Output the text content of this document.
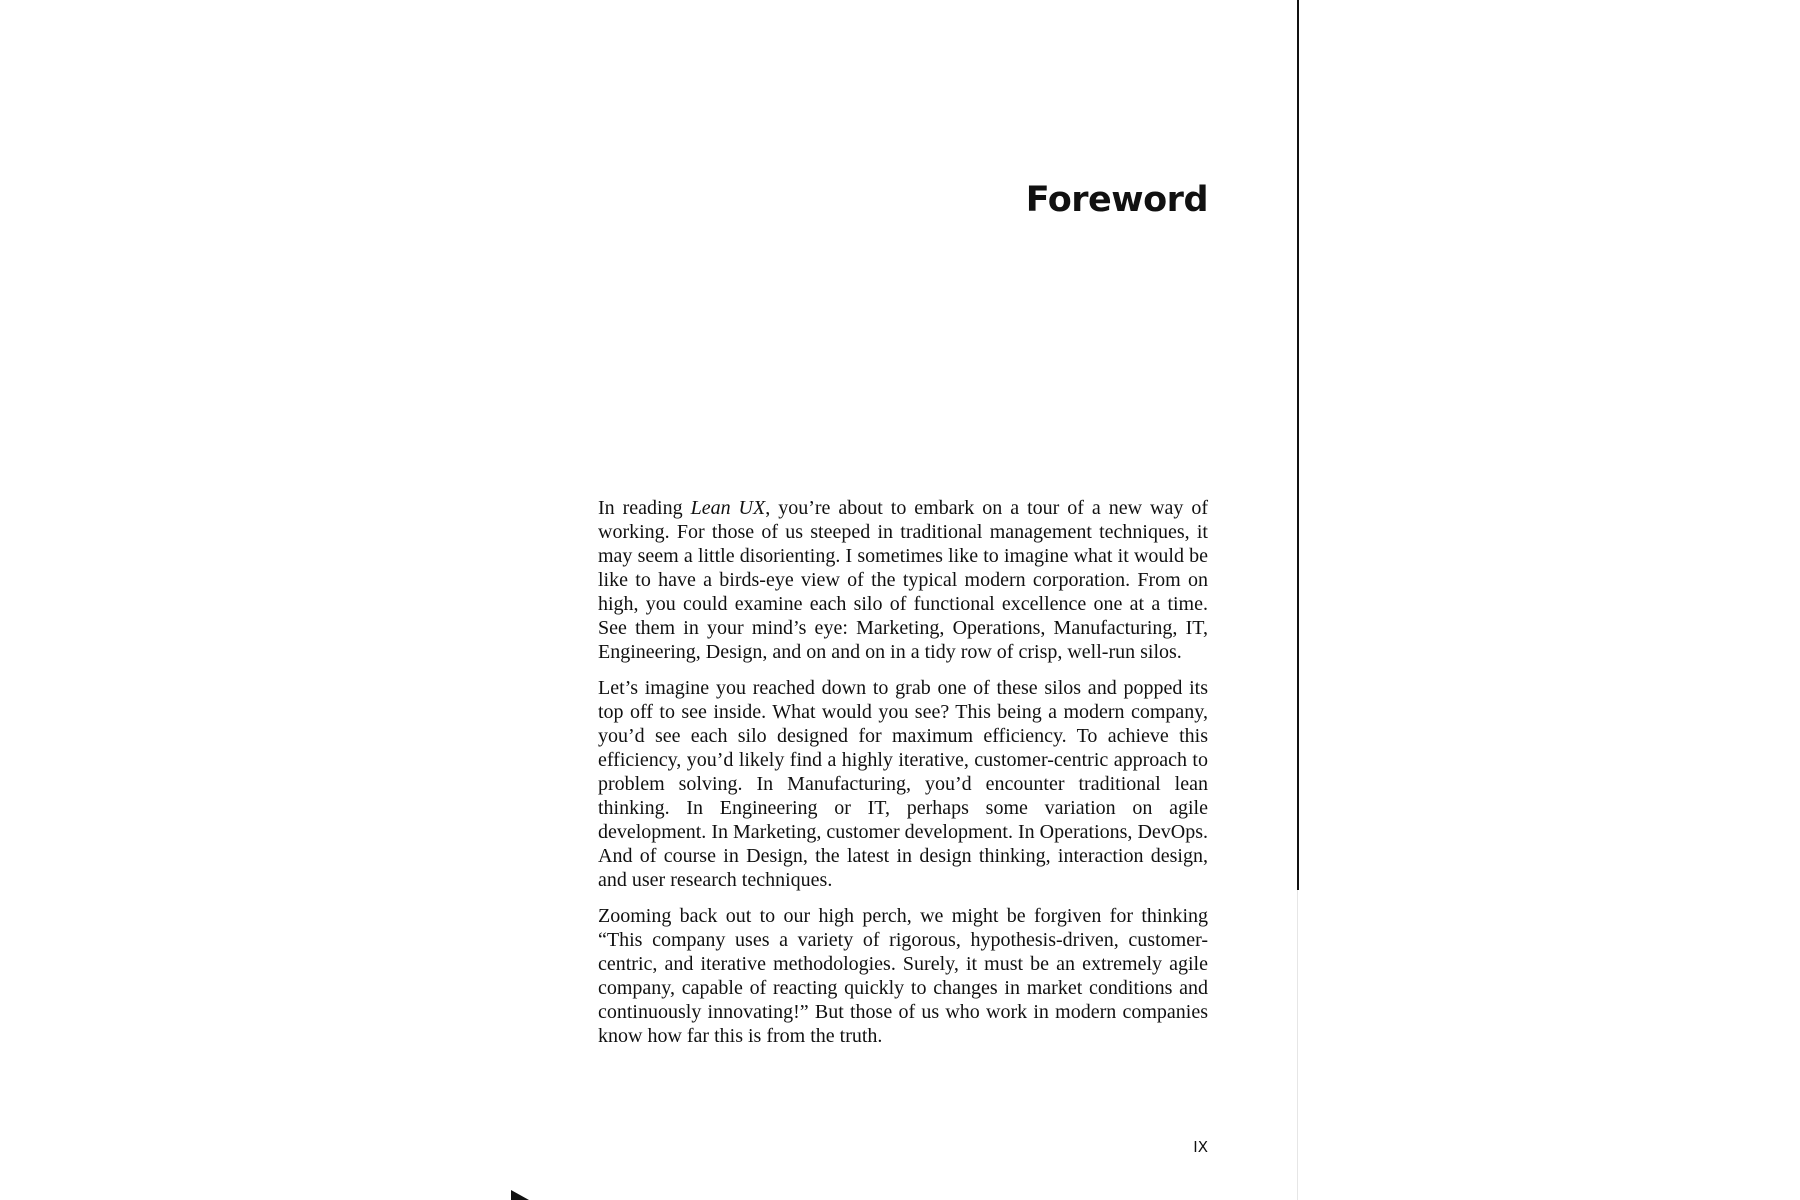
Foreword

In reading Lean UX, you’re about to embark on a tour of a new way of working. For those of us steeped in traditional management techniques, it may seem a little disorienting. I sometimes like to imagine what it would be like to have a birds-eye view of the typical modern corporation. From on high, you could examine each silo of functional excellence one at a time. See them in your mind’s eye: Marketing, Operations, Manufacturing, IT, Engineering, Design, and on and on in a tidy row of crisp, well-run silos.

Let’s imagine you reached down to grab one of these silos and popped its top off to see inside. What would you see? This being a modern company, you’d see each silo designed for maximum efficiency. To achieve this efficiency, you’d likely find a highly iterative, customer-centric approach to problem solving. In Manufacturing, you’d encounter traditional lean thinking. In Engineering or IT, perhaps some variation on agile development. In Marketing, customer development. In Operations, DevOps. And of course in Design, the latest in design thinking, interaction design, and user research techniques.

Zooming back out to our high perch, we might be forgiven for thinking “This company uses a variety of rigorous, hypothesis-driven, customer-centric, and iterative methodologies. Surely, it must be an extremely agile company, capable of reacting quickly to changes in market conditions and continuously innovating!” But those of us who work in modern companies know how far this is from the truth.

IX
